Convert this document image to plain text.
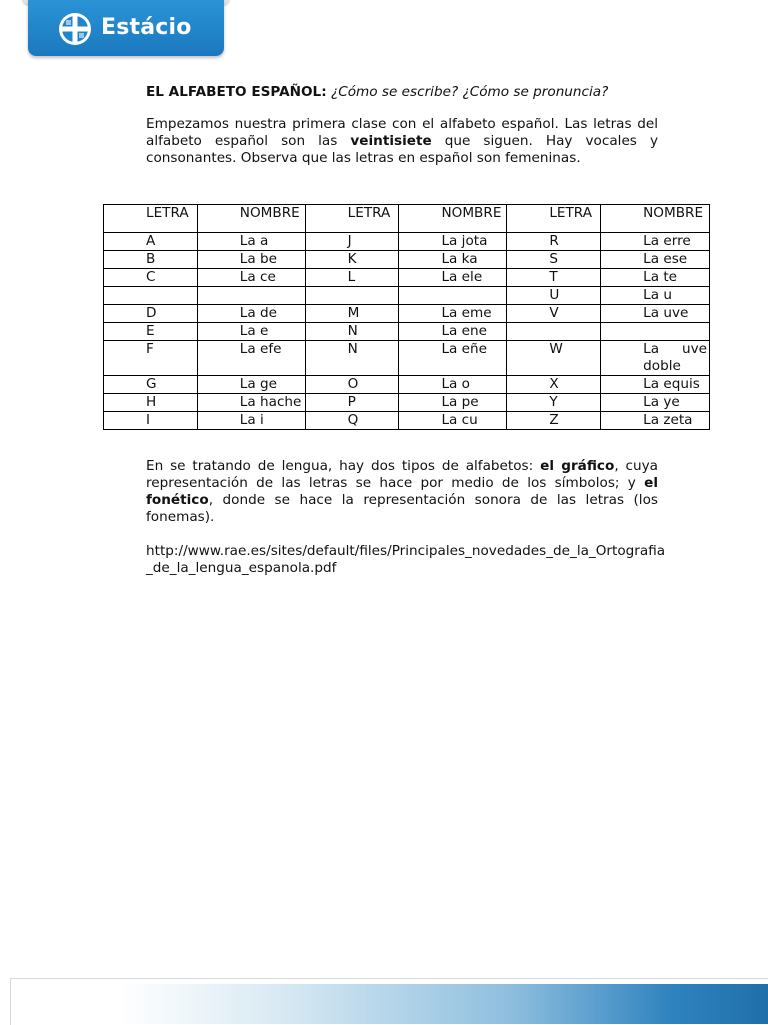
Estácio
EL ALFABETO ESPAÑOL: ¿Cómo se escribe? ¿Cómo se pronuncia?

Empezamos nuestra primera clase con el alfabeto español. Las letras del alfabeto español son las veintisiete que siguen. Hay vocales y consonantes. Observa que las letras en español son femeninas.

LETRA	NOMBRE	LETRA	NOMBRE	LETRA	NOMBRE
A	La a	J	La jota	R	La erre
B	La be	K	La ka	S	La ese
C	La ce	L	La ele	T	La te
				U	La u
D	La de	M	La eme	V	La uve
E	La e	N	La ene		
F	La efe	N	La eñe	W	La uve doble
G	La ge	O	La o	X	La equis
H	La hache	P	La pe	Y	La ye
I	La i	Q	La cu	Z	La zeta

En se tratando de lengua, hay dos tipos de alfabetos: el gráfico, cuya representación de las letras se hace por medio de los símbolos; y el fonético, donde se hace la representación sonora de las letras (los fonemas).

http://www.rae.es/sites/default/files/Principales_novedades_de_la_Ortografia_de_la_lengua_espanola.pdf
